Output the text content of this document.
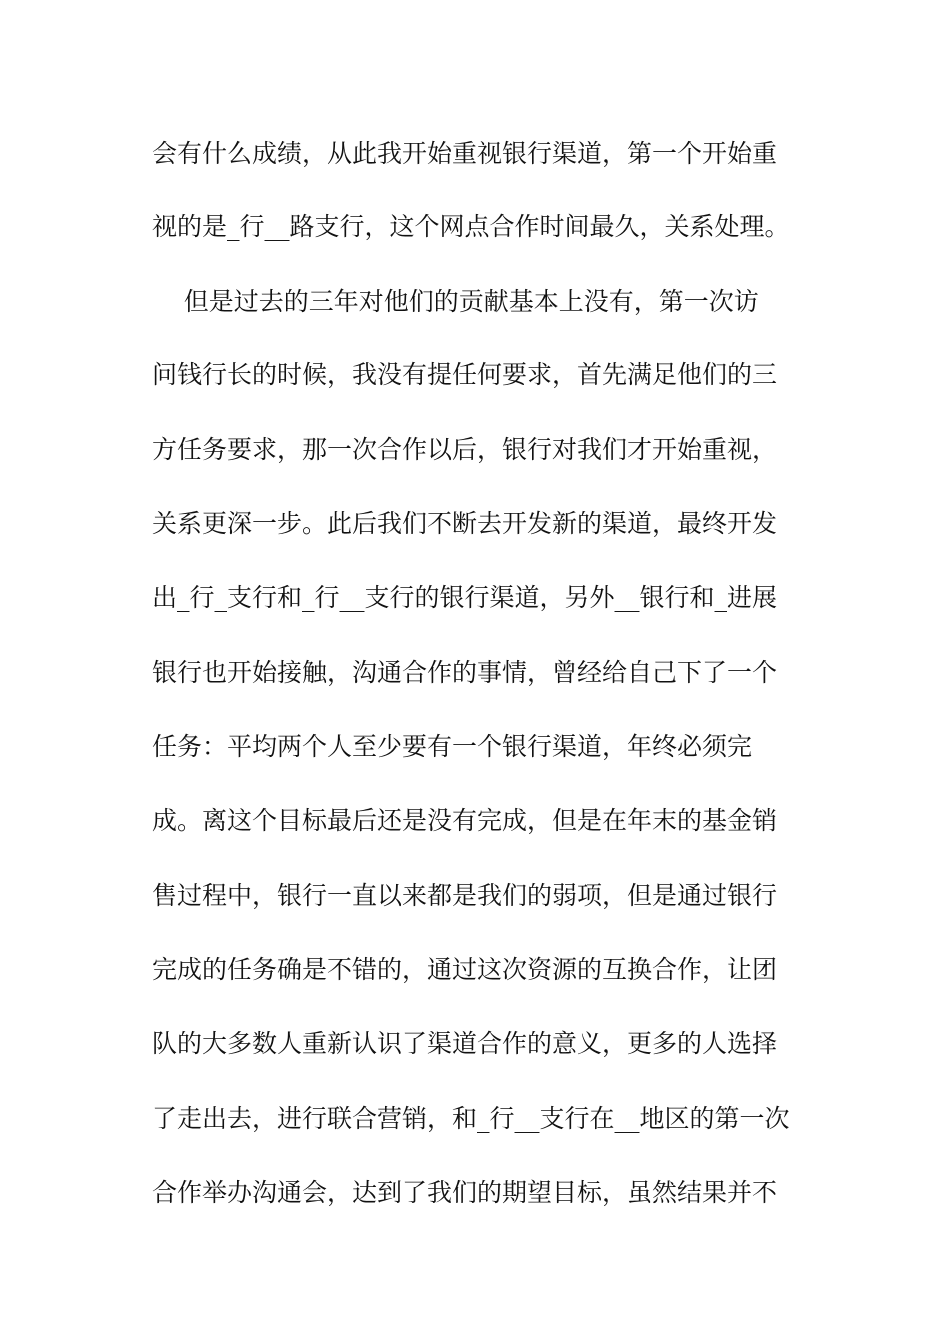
会有什么成绩，从此我开始重视银行渠道，第一个开始重
视的是_行__路支行，这个网点合作时间最久，关系处理。
但是过去的三年对他们的贡献基本上没有，第一次访
问钱行长的时候，我没有提任何要求，首先满足他们的三
方任务要求，那一次合作以后，银行对我们才开始重视，
关系更深一步。此后我们不断去开发新的渠道，最终开发
出_行_支行和_行__支行的银行渠道，另外__银行和_进展
银行也开始接触，沟通合作的事情，曾经给自己下了一个
任务：平均两个人至少要有一个银行渠道，年终必须完
成。离这个目标最后还是没有完成，但是在年末的基金销
售过程中，银行一直以来都是我们的弱项，但是通过银行
完成的任务确是不错的，通过这次资源的互换合作，让团
队的大多数人重新认识了渠道合作的意义，更多的人选择
了走出去，进行联合营销，和_行__支行在__地区的第一次
合作举办沟通会，达到了我们的期望目标，虽然结果并不
